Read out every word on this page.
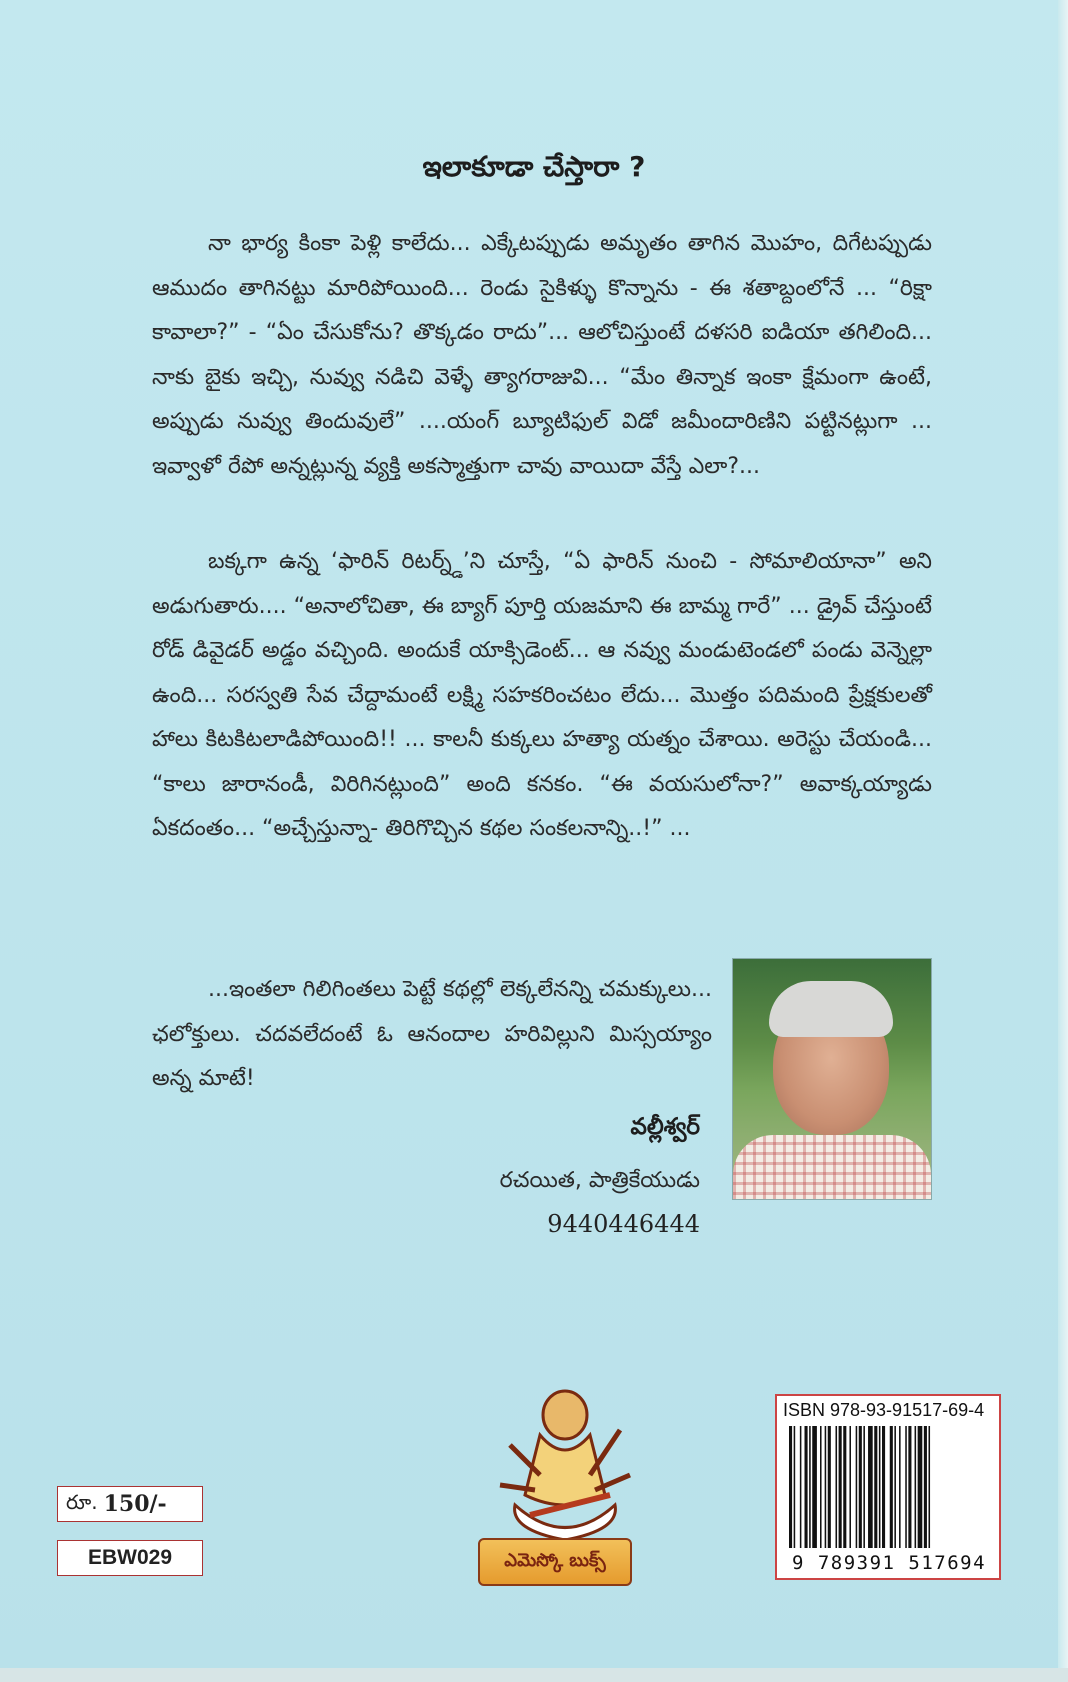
ఇలాకూడా చేస్తారా ?

నా భార్య కింకా పెళ్లి కాలేదు... ఎక్కేటప్పుడు అమృతం తాగిన మొహం, దిగేటప్పుడు ఆముదం తాగినట్టు మారిపోయింది... రెండు సైకిళ్ళు కొన్నాను - ఈ శతాబ్దంలోనే ... “రిక్షా కావాలా?” - “ఏం చేసుకోను? తొక్కడం రాదు”... ఆలోచిస్తుంటే దళసరి ఐడియా తగిలింది... నాకు బైకు ఇచ్చి, నువ్వు నడిచి వెళ్ళే త్యాగరాజువి... “మేం తిన్నాక ఇంకా క్షేమంగా ఉంటే, అప్పుడు నువ్వు తిందువులే” ....యంగ్ బ్యూటిఫుల్ విడో జమీందారిణిని పట్టినట్లుగా ... ఇవ్వాళో రేపో అన్నట్లున్న వ్యక్తి అకస్మాత్తుగా చావు వాయిదా వేస్తే ఎలా?...

బక్కగా ఉన్న ‘ఫారిన్ రిటర్న్డ్’ని చూస్తే, “ఏ ఫారిన్ నుంచి - సోమాలియానా” అని అడుగుతారు.... “అనాలోచితా, ఈ బ్యాగ్ పూర్తి యజమాని ఈ బామ్మ గారే” ... డ్రైవ్ చేస్తుంటే రోడ్ డివైడర్ అడ్డం వచ్చింది. అందుకే యాక్సిడెంట్... ఆ నవ్వు మండుటెండలో పండు వెన్నెల్లా ఉంది... సరస్వతి సేవ చేద్దామంటే లక్ష్మి సహకరించటం లేదు... మొత్తం పదిమంది ప్రేక్షకులతో హాలు కిటకిటలాడిపోయింది!! ... కాలనీ కుక్కలు హత్యా యత్నం చేశాయి. అరెస్టు చేయండి... “కాలు జారానండీ, విరిగినట్లుంది” అంది కనకం. “ఈ వయసులోనా?” అవాక్కయ్యాడు ఏకదంతం... “అచ్చేస్తున్నా- తిరిగొచ్చిన కథల సంకలనాన్ని..!” ...

...ఇంతలా గిలిగింతలు పెట్టే కథల్లో లెక్కలేనన్ని చమక్కులు... ఛలోక్తులు. చదవలేదంటే ఓ ఆనందాల హరివిల్లుని మిస్సయ్యాం అన్న మాటే!

వల్లీశ్వర్
రచయిత, పాత్రికేయుడు
9440446444
ఎమెస్కో బుక్స్
రూ. 150/-
EBW029
ISBN 978-93-91517-69-4
9 789391 517694
